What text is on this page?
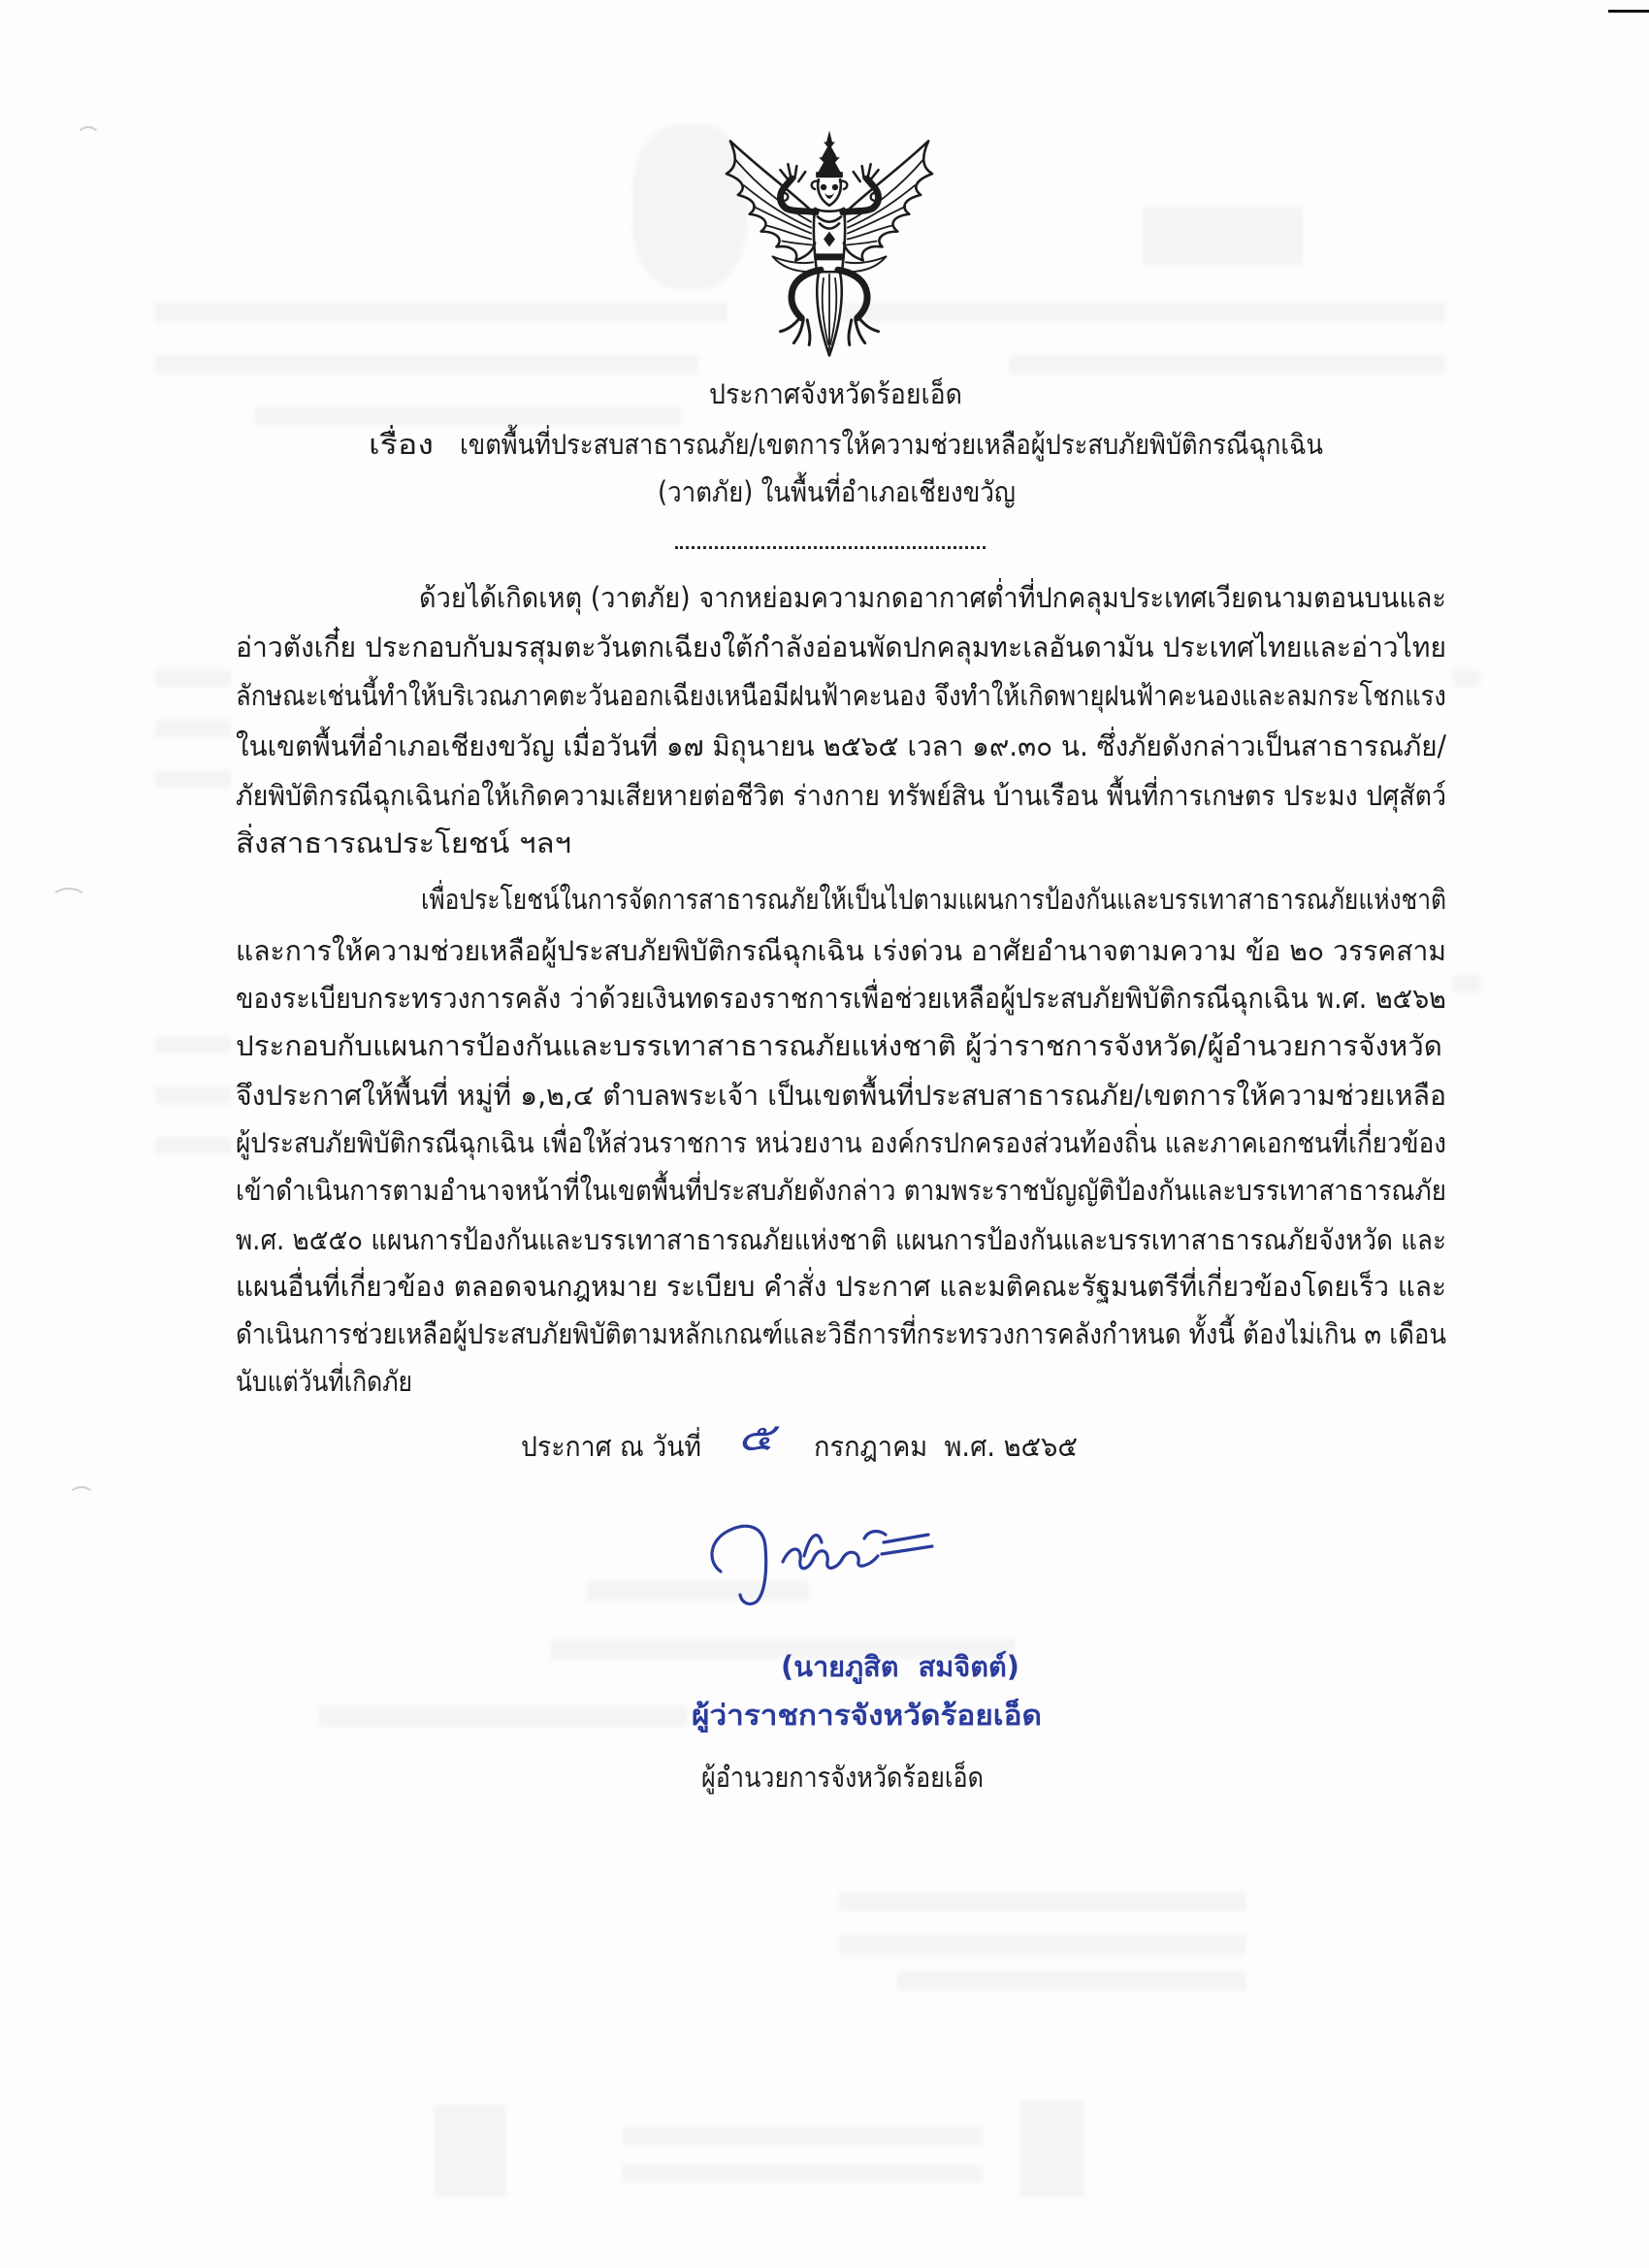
ประกาศจังหวัดร้อยเอ็ด
เรื่อง เขตพื้นที่ประสบสาธารณภัย/เขตการให้ความช่วยเหลือผู้ประสบภัยพิบัติกรณีฉุกเฉิน
(วาตภัย) ในพื้นที่อำเภอเชียงขวัญ
ด้วยได้เกิดเหตุ (วาตภัย) จากหย่อมความกดอากาศต่ำที่ปกคลุมประเทศเวียดนามตอนบนและ
อ่าวตังเกี๋ย ประกอบกับมรสุมตะวันตกเฉียงใต้กำลังอ่อนพัดปกคลุมทะเลอันดามัน ประเทศไทยและอ่าวไทย
ลักษณะเช่นนี้ทำให้บริเวณภาคตะวันออกเฉียงเหนือมีฝนฟ้าคะนอง จึงทำให้เกิดพายุฝนฟ้าคะนองและลมกระโชกแรง
ในเขตพื้นที่อำเภอเชียงขวัญ เมื่อวันที่ ๑๗ มิถุนายน ๒๕๖๕ เวลา ๑๙.๓๐ น. ซึ่งภัยดังกล่าวเป็นสาธารณภัย/
ภัยพิบัติกรณีฉุกเฉินก่อให้เกิดความเสียหายต่อชีวิต ร่างกาย ทรัพย์สิน บ้านเรือน พื้นที่การเกษตร ประมง ปศุสัตว์
สิ่งสาธารณประโยชน์ ฯลฯ
เพื่อประโยชน์ในการจัดการสาธารณภัยให้เป็นไปตามแผนการป้องกันและบรรเทาสาธารณภัยแห่งชาติ
และการให้ความช่วยเหลือผู้ประสบภัยพิบัติกรณีฉุกเฉิน เร่งด่วน อาศัยอำนาจตามความ ข้อ ๒๐ วรรคสาม
ของระเบียบกระทรวงการคลัง ว่าด้วยเงินทดรองราชการเพื่อช่วยเหลือผู้ประสบภัยพิบัติกรณีฉุกเฉิน พ.ศ. ๒๕๖๒
ประกอบกับแผนการป้องกันและบรรเทาสาธารณภัยแห่งชาติ ผู้ว่าราชการจังหวัด/ผู้อำนวยการจังหวัด
จึงประกาศให้พื้นที่ หมู่ที่ ๑,๒,๔ ตำบลพระเจ้า เป็นเขตพื้นที่ประสบสาธารณภัย/เขตการให้ความช่วยเหลือ
ผู้ประสบภัยพิบัติกรณีฉุกเฉิน เพื่อให้ส่วนราชการ หน่วยงาน องค์กรปกครองส่วนท้องถิ่น และภาคเอกชนที่เกี่ยวข้อง
เข้าดำเนินการตามอำนาจหน้าที่ในเขตพื้นที่ประสบภัยดังกล่าว ตามพระราชบัญญัติป้องกันและบรรเทาสาธารณภัย
พ.ศ. ๒๕๕๐ แผนการป้องกันและบรรเทาสาธารณภัยแห่งชาติ แผนการป้องกันและบรรเทาสาธารณภัยจังหวัด และ
แผนอื่นที่เกี่ยวข้อง ตลอดจนกฎหมาย ระเบียบ คำสั่ง ประกาศ และมติคณะรัฐมนตรีที่เกี่ยวข้องโดยเร็ว และ
ดำเนินการช่วยเหลือผู้ประสบภัยพิบัติตามหลักเกณฑ์และวิธีการที่กระทรวงการคลังกำหนด ทั้งนี้ ต้องไม่เกิน ๓ เดือน
นับแต่วันที่เกิดภัย
ประกาศ ณ วันที่ ๕ กรกฎาคม  พ.ศ. ๒๕๖๕
(นายภูสิต  สมจิตต์)
ผู้ว่าราชการจังหวัดร้อยเอ็ด
ผู้อำนวยการจังหวัดร้อยเอ็ด
